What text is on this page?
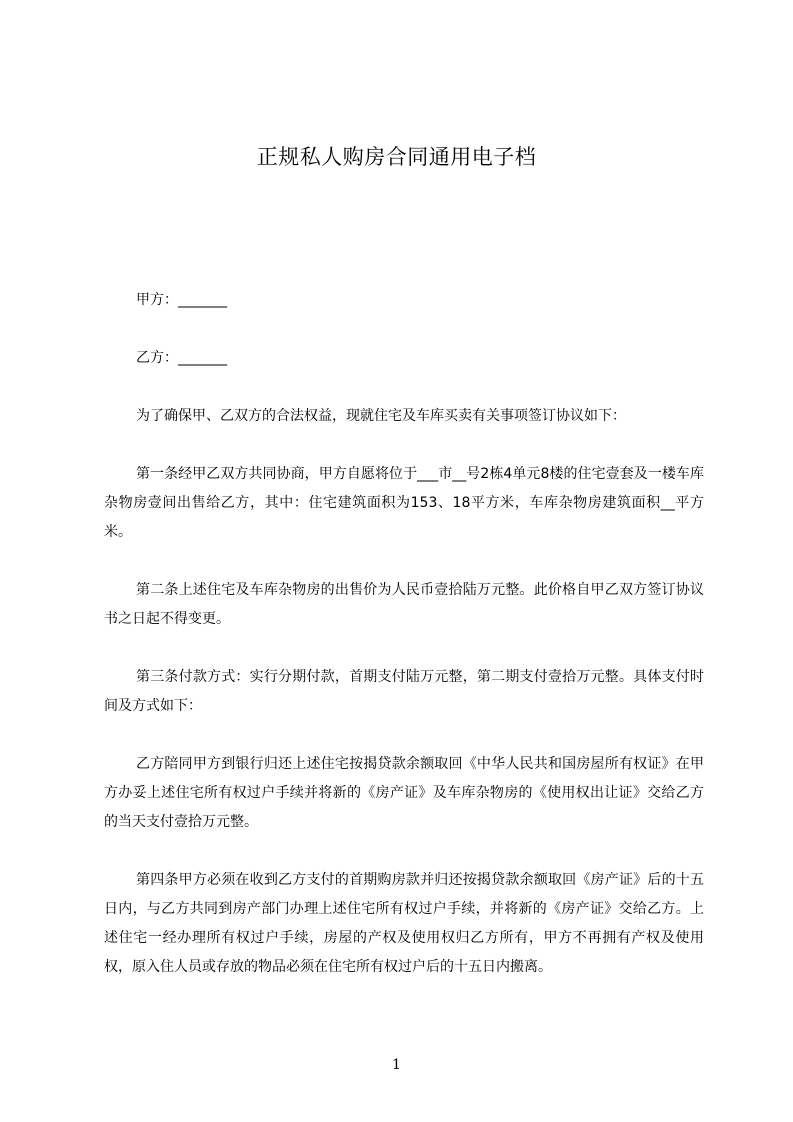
正规私人购房合同通用电子档

甲方：_______

乙方：_______

为了确保甲、乙双方的合法权益，现就住宅及车库买卖有关事项签订协议如下：

第一条经甲乙双方共同协商，甲方自愿将位于___市__号2栋4单元8楼的住宅壹套及一楼车库杂物房壹间出售给乙方，其中：住宅建筑面积为153、18平方米，车库杂物房建筑面积__平方米。

第二条上述住宅及车库杂物房的出售价为人民币壹拾陆万元整。此价格自甲乙双方签订协议书之日起不得变更。

第三条付款方式：实行分期付款，首期支付陆万元整，第二期支付壹拾万元整。具体支付时间及方式如下：

乙方陪同甲方到银行归还上述住宅按揭贷款余额取回《中华人民共和国房屋所有权证》在甲方办妥上述住宅所有权过户手续并将新的《房产证》及车库杂物房的《使用权出让证》交给乙方的当天支付壹拾万元整。

第四条甲方必须在收到乙方支付的首期购房款并归还按揭贷款余额取回《房产证》后的十五日内，与乙方共同到房产部门办理上述住宅所有权过户手续，并将新的《房产证》交给乙方。上述住宅一经办理所有权过户手续，房屋的产权及使用权归乙方所有，甲方不再拥有产权及使用权，原入住人员或存放的物品必须在住宅所有权过户后的十五日内搬离。

1
